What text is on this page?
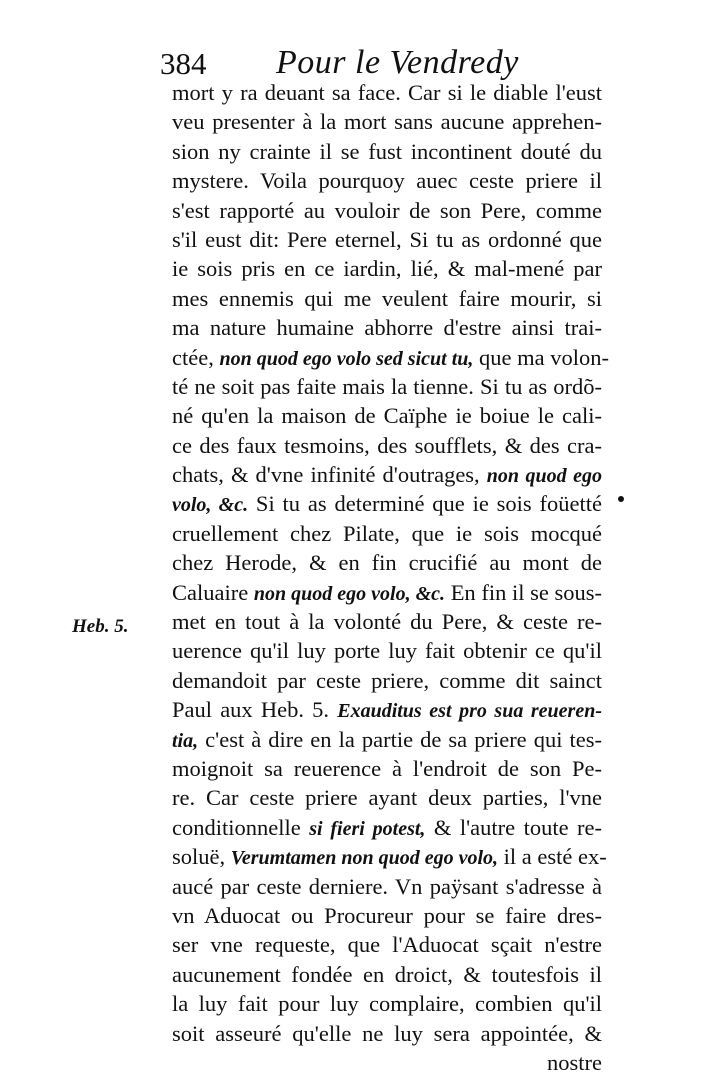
384 Pour le Vendredy
Heb. 5.
mort y ra deuant sa face. Car si le diable l'eust
veu presenter à la mort sans aucune apprehen-
sion ny crainte il se fust incontinent douté du
mystere. Voila pourquoy auec ceste priere il
s'est rapporté au vouloir de son Pere, comme
s'il eust dit: Pere eternel, Si tu as ordonné que
ie sois pris en ce iardin, lié, & mal-mené par
mes ennemis qui me veulent faire mourir, si
ma nature humaine abhorre d'estre ainsi trai-
ctée, non quod ego volo sed sicut tu, que ma volon-
té ne soit pas faite mais la tienne. Si tu as ordõ-
né qu'en la maison de Caïphe ie boiue le cali-
ce des faux tesmoins, des soufflets, & des cra-
chats, & d'vne infinité d'outrages, non quod ego
volo, &c. Si tu as determiné que ie sois foüetté
cruellement chez Pilate, que ie sois mocqué
chez Herode, & en fin crucifié au mont de
Caluaire non quod ego volo, &c. En fin il se sous-
met en tout à la volonté du Pere, & ceste re-
uerence qu'il luy porte luy fait obtenir ce qu'il
demandoit par ceste priere, comme dit sainct
Paul aux Heb. 5. Exauditus est pro sua reueren-
tia, c'est à dire en la partie de sa priere qui tes-
moignoit sa reuerence à l'endroit de son Pe-
re. Car ceste priere ayant deux parties, l'vne
conditionnelle si fieri potest, & l'autre toute re-
soluë, Verumtamen non quod ego volo, il a esté ex-
aucé par ceste derniere. Vn paÿsant s'adresse à
vn Aduocat ou Procureur pour se faire dres-
ser vne requeste, que l'Aduocat sçait n'estre
aucunement fondée en droict, & toutesfois il
la luy fait pour luy complaire, combien qu'il
soit asseuré qu'elle ne luy sera appointée, &
nostre
